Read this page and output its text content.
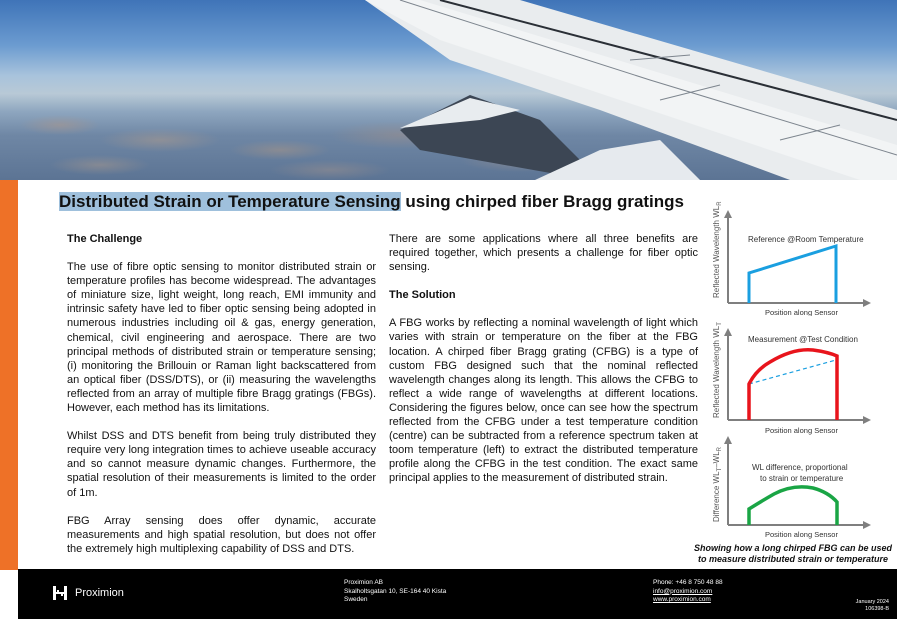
Distributed Strain or Temperature Sensing using chirped fiber Bragg gratings
The Challenge

The use of fibre optic sensing to monitor distributed strain or temperature profiles has become widespread. The advantages of miniature size, light weight, long reach, EMI immunity and intrinsic safety have led to fiber optic sensing being adopted in numerous industries including oil & gas, energy generation, chemical, civil engineering and aerospace. There are two principal methods of distributed strain or temperature sensing; (i) monitoring the Brillouin or Raman light backscattered from an optical fiber (DSS/DTS), or (ii) measuring the wavelengths reflected from an array of multiple fibre Bragg gratings (FBGs). However, each method has its limitations.

Whilst DSS and DTS benefit from being truly distributed they require very long integration times to achieve useable accuracy and so cannot measure dynamic changes. Furthermore, the spatial resolution of their measurements is limited to the order of 1m.

FBG Array sensing does offer dynamic, accurate measurements and high spatial resolution, but does not offer the extremely high multiplexing capability of DSS and DTS.

There are some applications where all three benefits are required together, which presents a challenge for fiber optic sensing.

The Solution

A FBG works by reflecting a nominal wavelength of light which varies with strain or temperature on the fiber at the FBG location. A chirped fiber Bragg grating (CFBG) is a type of custom FBG designed such that the nominal reflected wavelength changes along its length. This allows the CFBG to reflect a wide range of wavelengths at different locations. Considering the figures below, once can see how the spectrum reflected from the CFBG under a test temperature condition (centre) can be subtracted from a reference spectrum taken at toom temperature (left) to extract the distributed temperature profile along the CFBG in the test condition. The exact same principal applies to the measurement of distributed strain.

Reflected Wavelength $WL_R$
Reference @Room Temperature
Position along Sensor
Reflected Wavelength $WL_T$
Measurement @Test Condition
Position along Sensor
Difference $WL_T-WL_R$
WL difference, proportional
to strain or temperature
Position along Sensor
Showing how a long chirped FBG can be used
to measure distributed strain or temperature
Proximion
Proximion AB
Skalholtsgatan 10, SE-164 40 Kista
Sweden
Phone: +46 8 750 48 88
info@proximion.com
www.proximion.com	January 2024
106398-B
